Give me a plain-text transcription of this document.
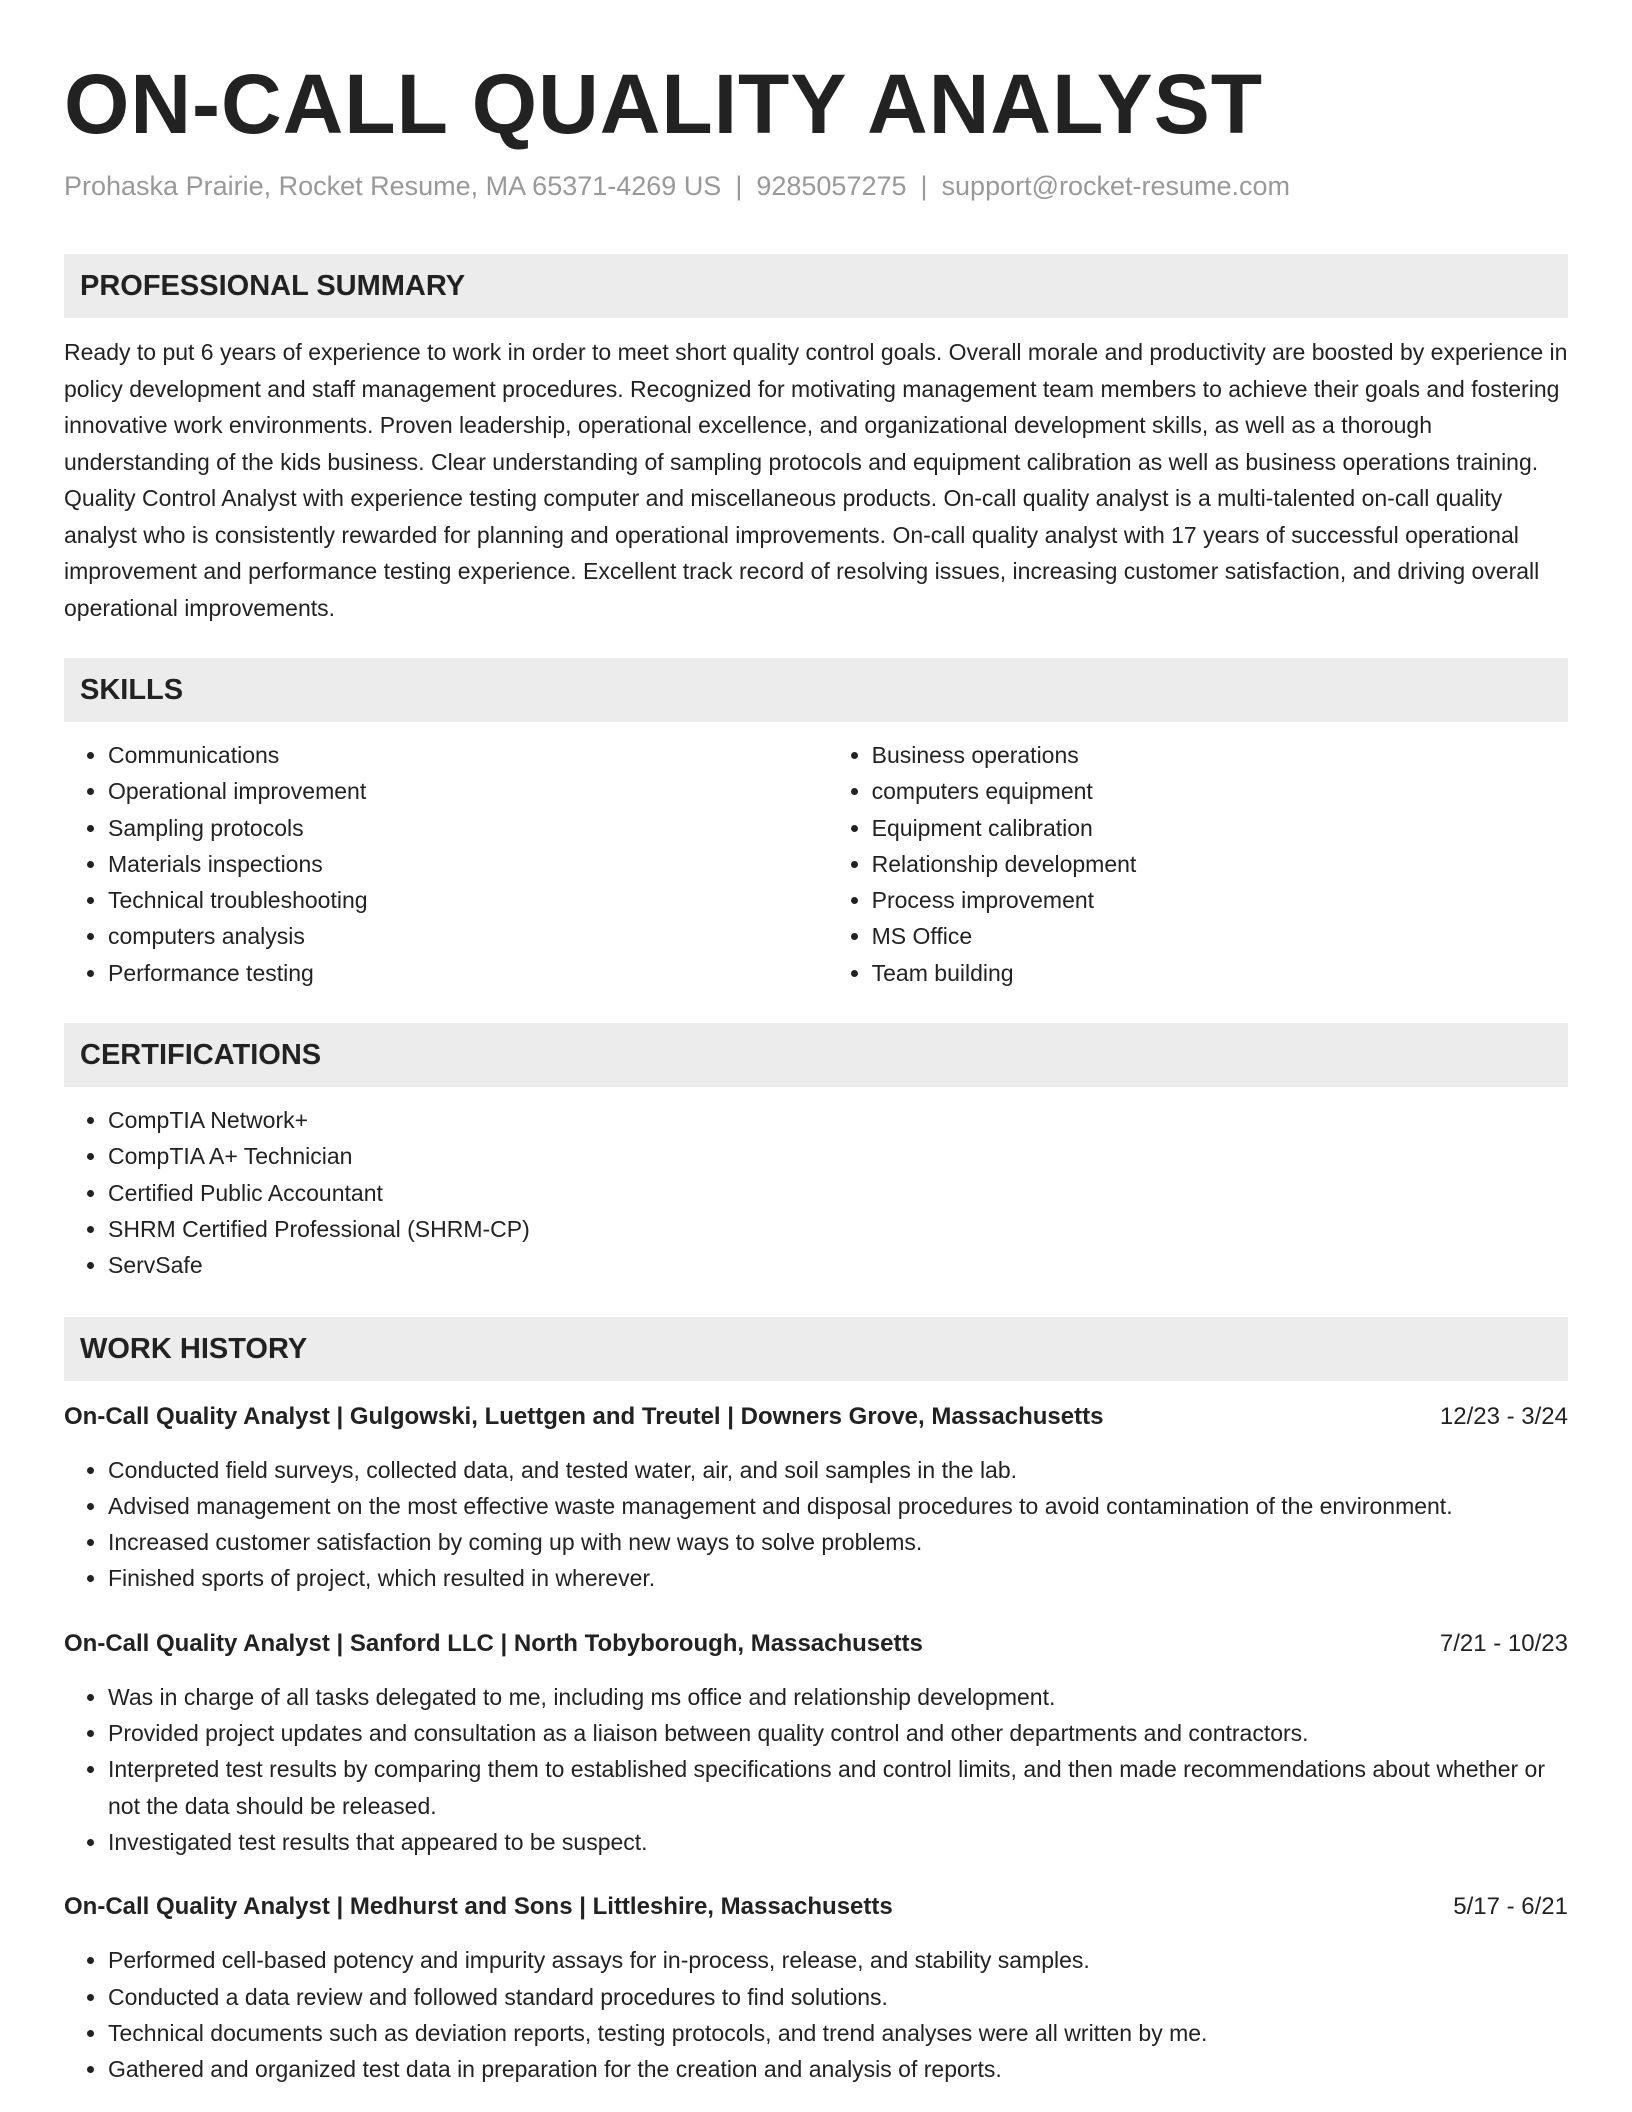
ON-CALL QUALITY ANALYST
Prohaska Prairie, Rocket Resume, MA 65371-4269 US | 9285057275 | support@rocket-resume.com
PROFESSIONAL SUMMARY
Ready to put 6 years of experience to work in order to meet short quality control goals. Overall morale and productivity are boosted by experience in policy development and staff management procedures. Recognized for motivating management team members to achieve their goals and fostering innovative work environments. Proven leadership, operational excellence, and organizational development skills, as well as a thorough understanding of the kids business. Clear understanding of sampling protocols and equipment calibration as well as business operations training. Quality Control Analyst with experience testing computer and miscellaneous products. On-call quality analyst is a multi-talented on-call quality analyst who is consistently rewarded for planning and operational improvements. On-call quality analyst with 17 years of successful operational improvement and performance testing experience. Excellent track record of resolving issues, increasing customer satisfaction, and driving overall operational improvements.
SKILLS
• Communications
• Operational improvement
• Sampling protocols
• Materials inspections
• Technical troubleshooting
• computers analysis
• Performance testing
• Business operations
• computers equipment
• Equipment calibration
• Relationship development
• Process improvement
• MS Office
• Team building
CERTIFICATIONS
• CompTIA Network+
• CompTIA A+ Technician
• Certified Public Accountant
• SHRM Certified Professional (SHRM-CP)
• ServSafe
WORK HISTORY
On-Call Quality Analyst | Gulgowski, Luettgen and Treutel | Downers Grove, Massachusetts	12/23 - 3/24
• Conducted field surveys, collected data, and tested water, air, and soil samples in the lab.
• Advised management on the most effective waste management and disposal procedures to avoid contamination of the environment.
• Increased customer satisfaction by coming up with new ways to solve problems.
• Finished sports of project, which resulted in wherever.
On-Call Quality Analyst | Sanford LLC | North Tobyborough, Massachusetts	7/21 - 10/23
• Was in charge of all tasks delegated to me, including ms office and relationship development.
• Provided project updates and consultation as a liaison between quality control and other departments and contractors.
• Interpreted test results by comparing them to established specifications and control limits, and then made recommendations about whether or not the data should be released.
• Investigated test results that appeared to be suspect.
On-Call Quality Analyst | Medhurst and Sons | Littleshire, Massachusetts	5/17 - 6/21
• Performed cell-based potency and impurity assays for in-process, release, and stability samples.
• Conducted a data review and followed standard procedures to find solutions.
• Technical documents such as deviation reports, testing protocols, and trend analyses were all written by me.
• Gathered and organized test data in preparation for the creation and analysis of reports.
